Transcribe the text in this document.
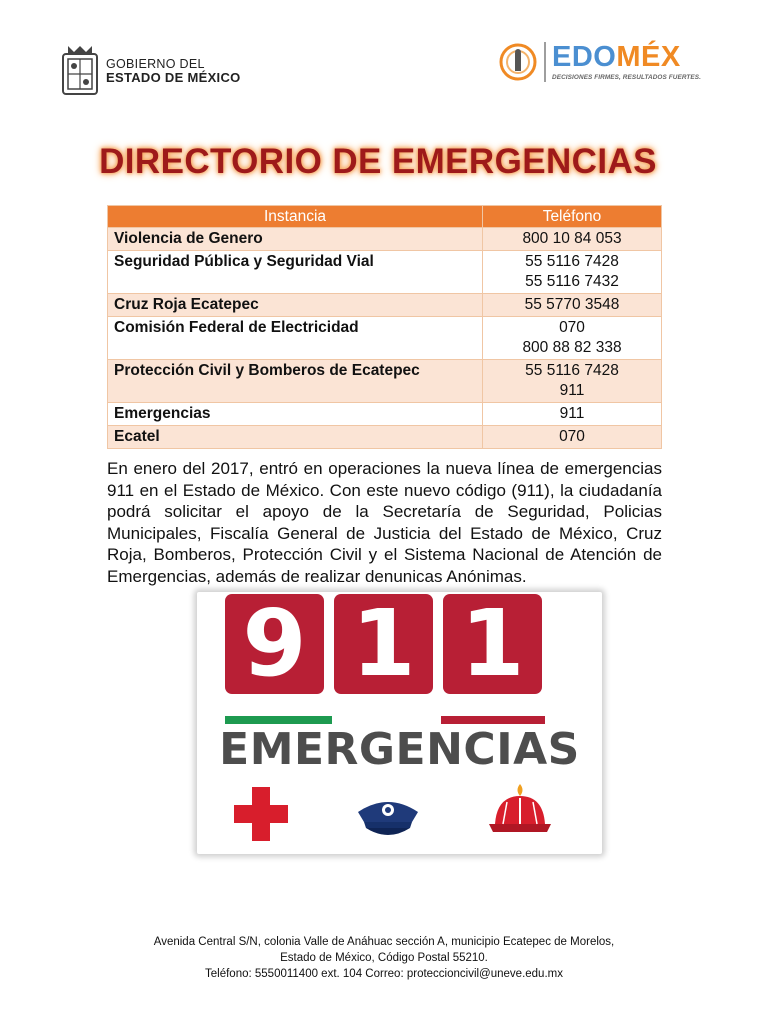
GOBIERNO DEL
ESTADO DE MÉXICO
EDOMÉX
DECISIONES FIRMES, RESULTADOS FUERTES.
DIRECTORIO DE EMERGENCIAS
Instancia	Teléfono
Violencia de Genero	800 10 84 053

Seguridad Pública y Seguridad Vial	55 5116 7428
55 5116 7432

Cruz Roja Ecatepec	55 5770 3548

Comisión Federal de Electricidad	070
800 88 82 338

Protección Civil y Bomberos de Ecatepec	55 5116 7428
911

Emergencias	911

Ecatel	070
En enero del 2017, entró en operaciones la nueva línea de emergencias 911 en el Estado de México. Con este nuevo código (911), la ciudadanía podrá solicitar el apoyo de la Secretaría de Seguridad, Policias Municipales, Fiscalía General de Justicia del Estado de México, Cruz Roja, Bomberos, Protección Civil y el Sistema Nacional de Atención de Emergencias, además de realizar denunicas Anónimas.
9 1 1
EMERGENCIAS
Avenida Central S/N, colonia Valle de Anáhuac sección A, municipio Ecatepec de Morelos,
Estado de México, Código Postal 55210.
Teléfono: 5550011400 ext. 104 Correo: proteccioncivil@uneve.edu.mx
